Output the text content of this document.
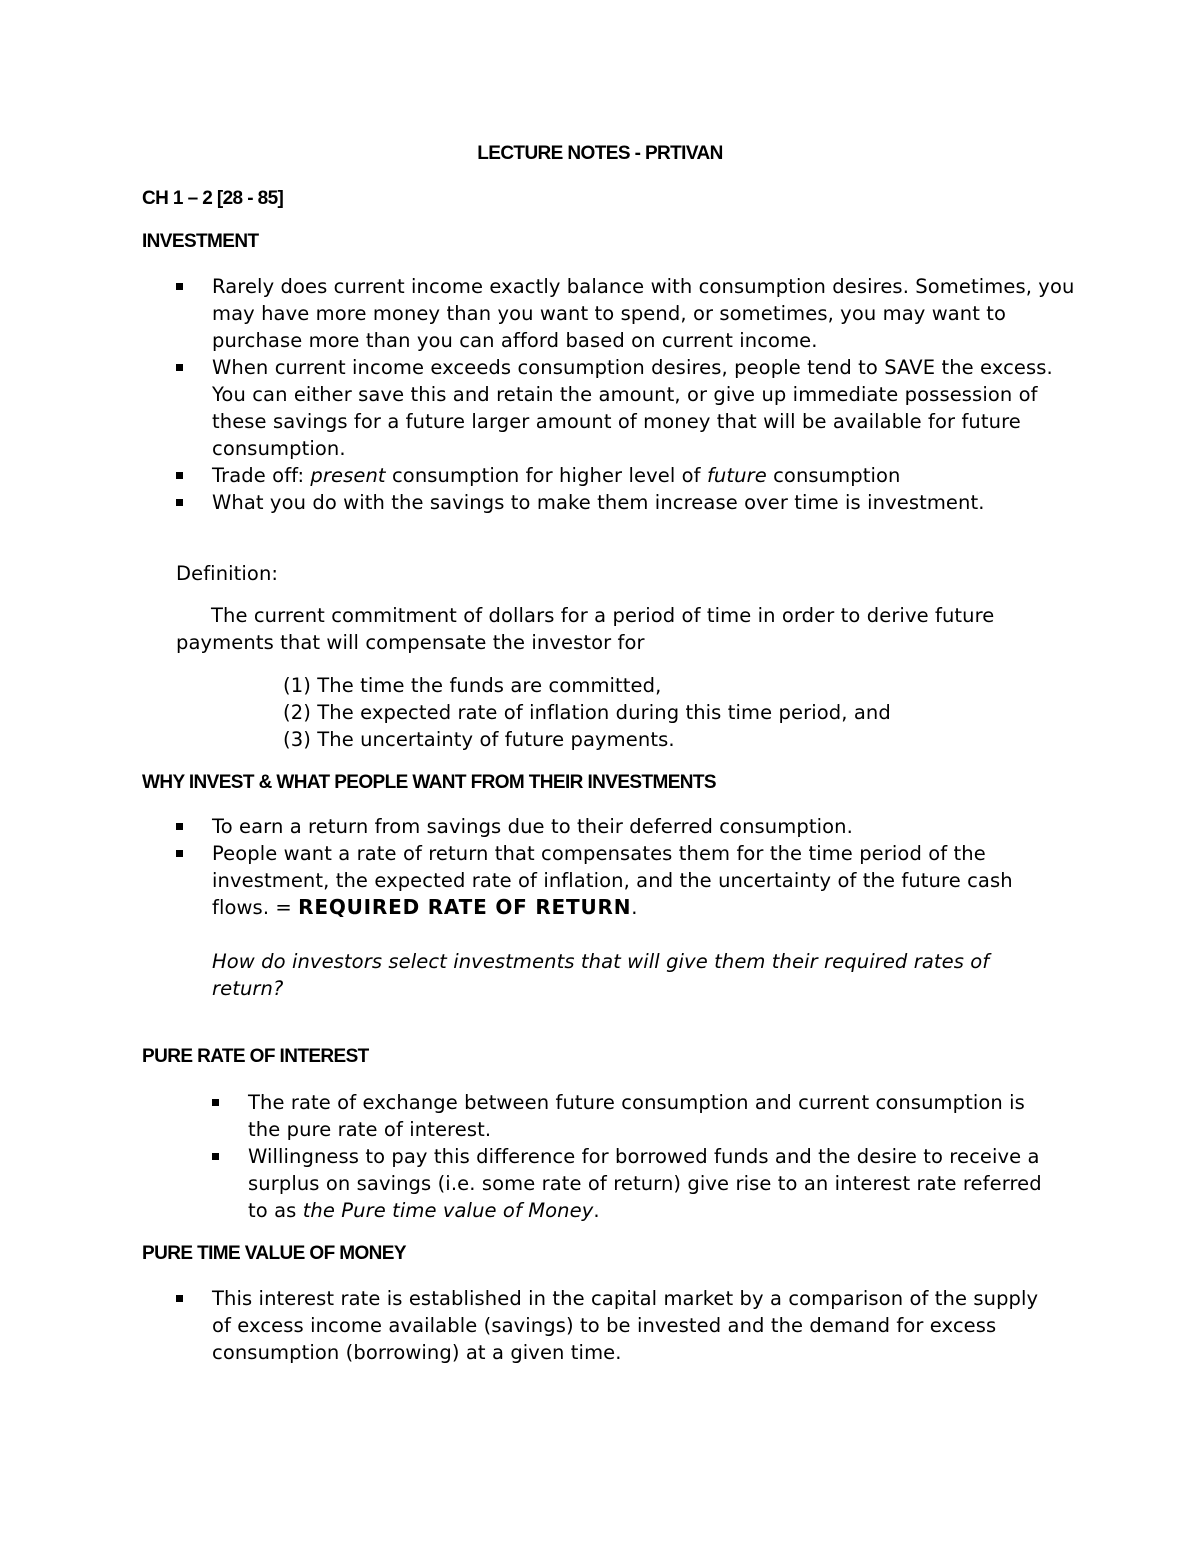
LECTURE NOTES - PRTIVAN
CH 1 – 2 [28 - 85]
INVESTMENT
Rarely does current income exactly balance with consumption desires. Sometimes, you may have more money than you want to spend, or sometimes, you may want to purchase more than you can afford based on current income.
When current income exceeds consumption desires, people tend to SAVE the excess. You can either save this and retain the amount, or give up immediate possession of these savings for a future larger amount of money that will be available for future consumption.
Trade off: present consumption for higher level of future consumption
What you do with the savings to make them increase over time is investment.
Definition:
The current commitment of dollars for a period of time in order to derive future payments that will compensate the investor for
(1) The time the funds are committed,
(2) The expected rate of inflation during this time period, and
(3) The uncertainty of future payments.
WHY INVEST & WHAT PEOPLE WANT FROM THEIR INVESTMENTS
To earn a return from savings due to their deferred consumption.
People want a rate of return that compensates them for the time period of the investment, the expected rate of inflation, and the uncertainty of the future cash flows. = REQUIRED RATE OF RETURN.
How do investors select investments that will give them their required rates of return?
PURE RATE OF INTEREST
The rate of exchange between future consumption and current consumption is the pure rate of interest.
Willingness to pay this difference for borrowed funds and the desire to receive a surplus on savings (i.e. some rate of return) give rise to an interest rate referred to as the Pure time value of Money.
PURE TIME VALUE OF MONEY
This interest rate is established in the capital market by a comparison of the supply of excess income available (savings) to be invested and the demand for excess consumption (borrowing) at a given time.
